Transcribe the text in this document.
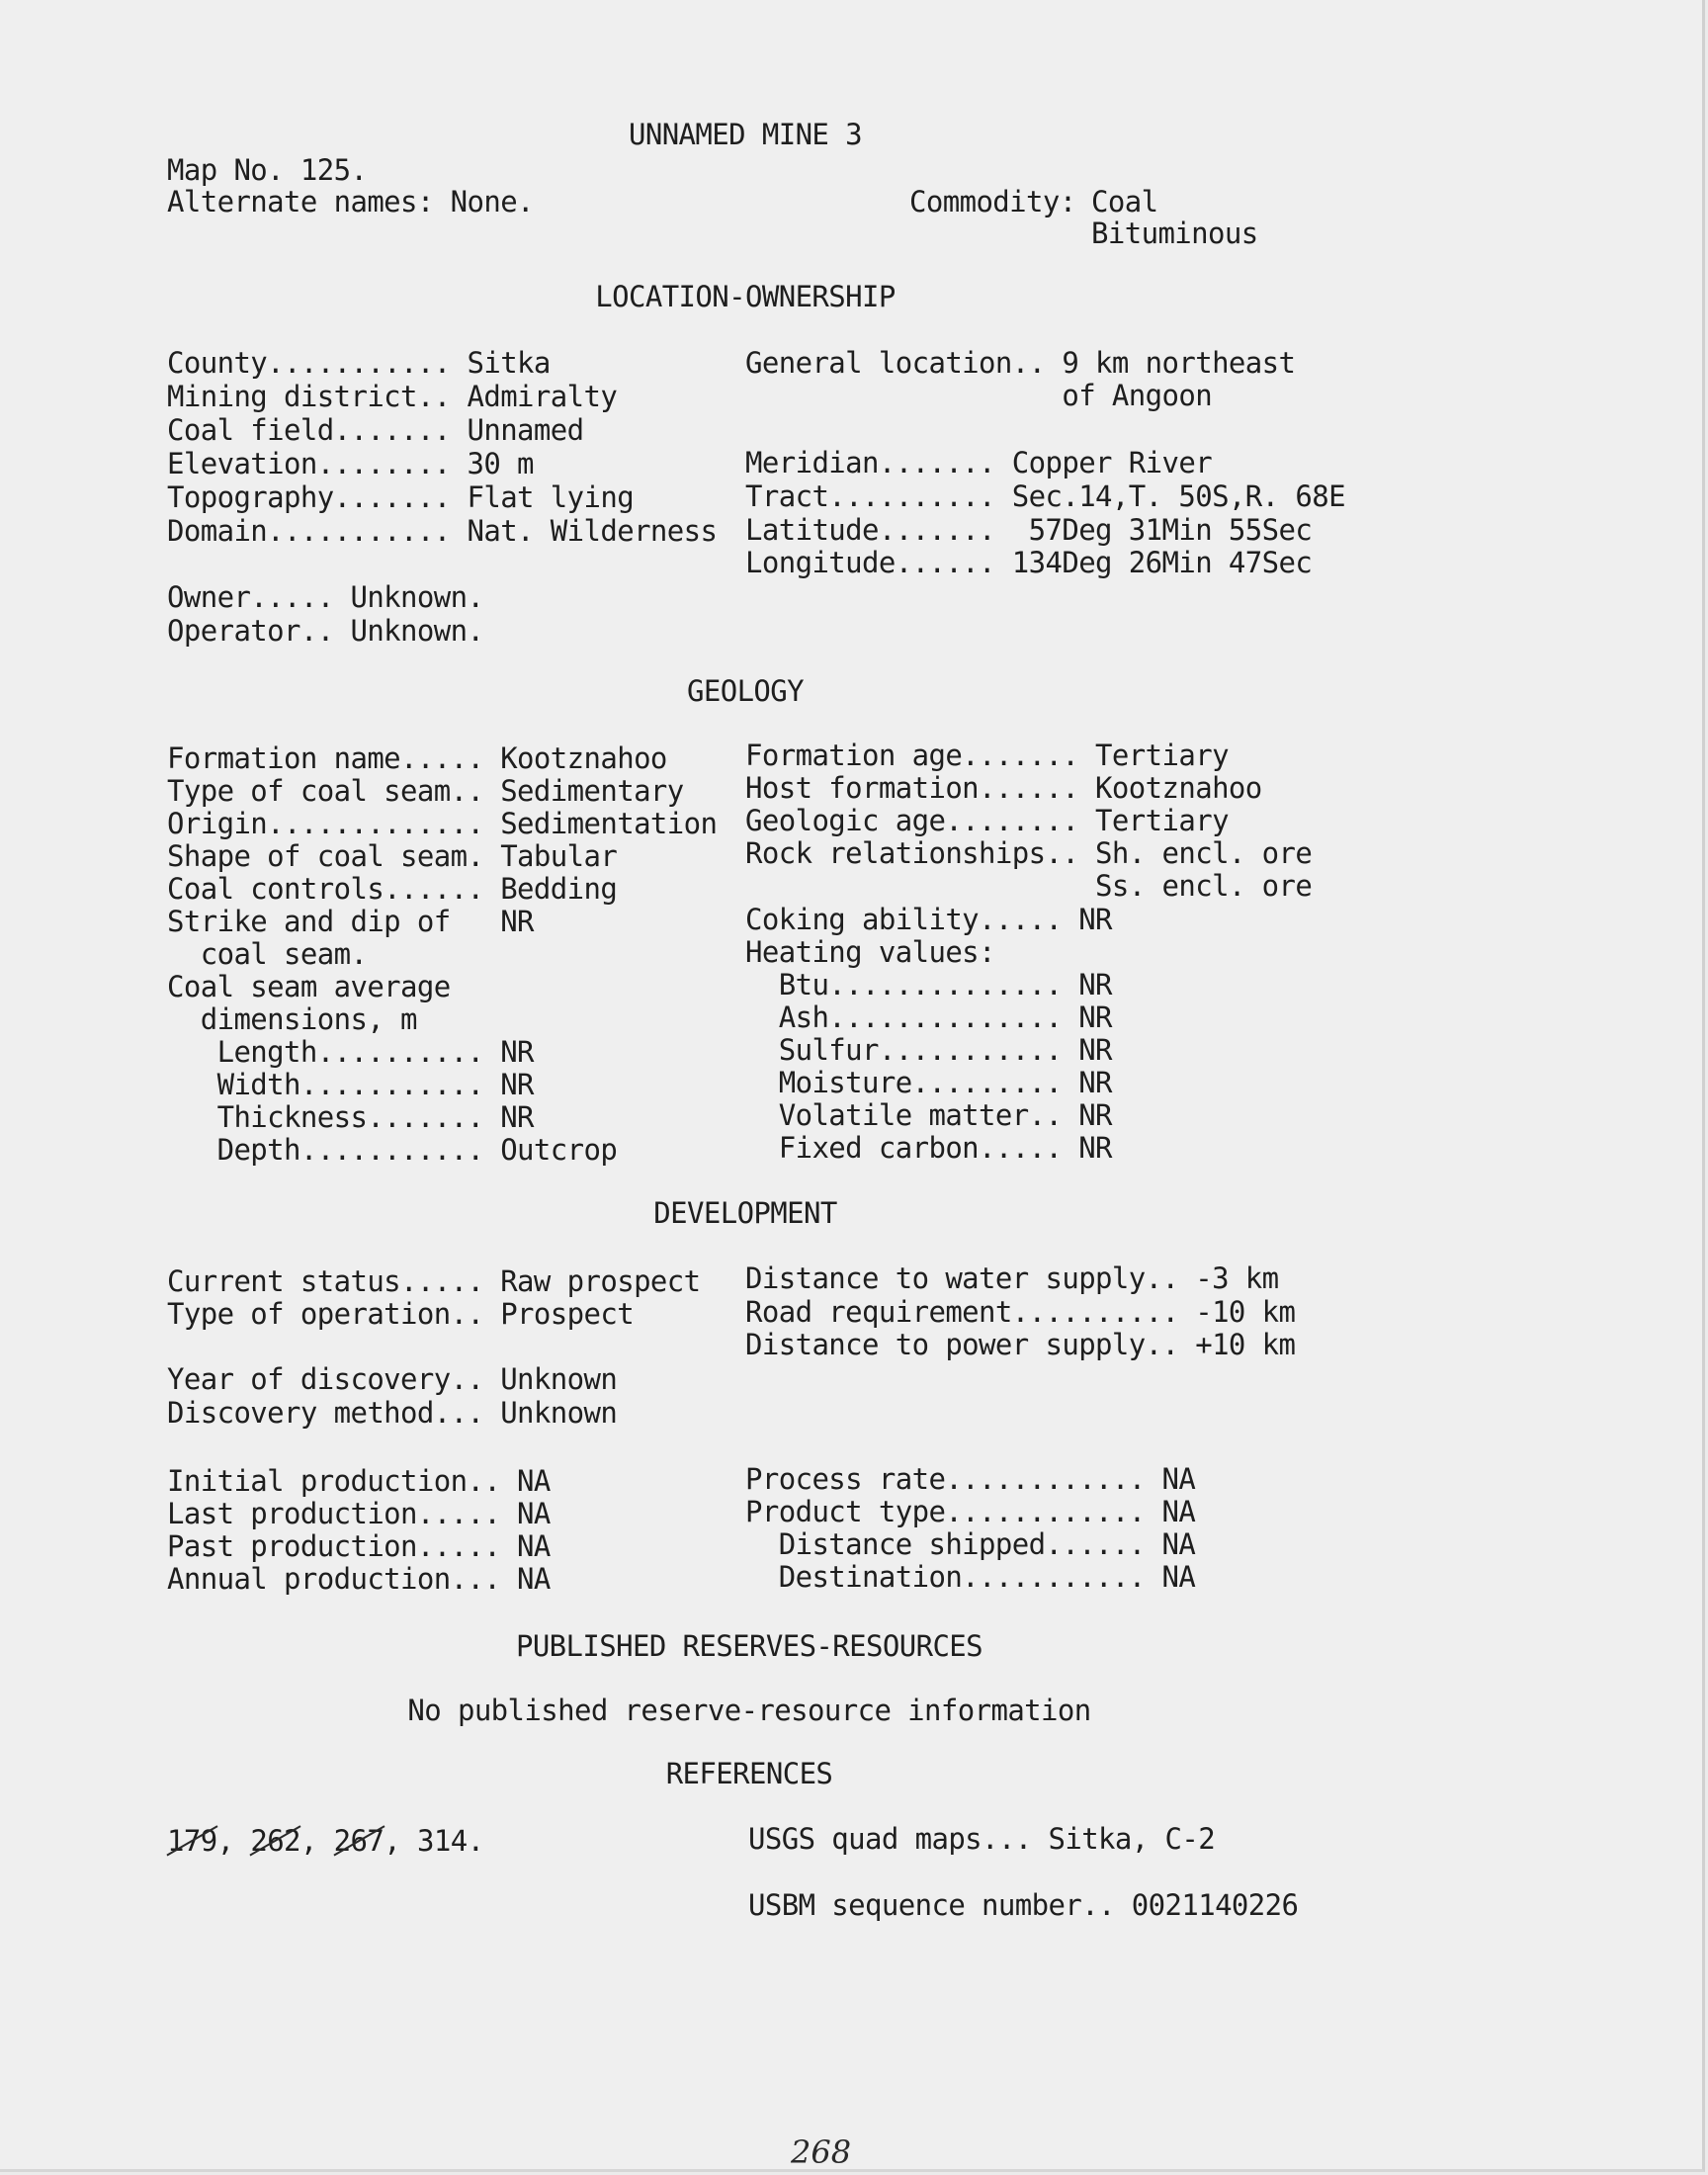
UNNAMED MINE 3
Map No. 125.
Alternate names: None.	Commodity: Coal
Bituminous
LOCATION-OWNERSHIP
County........... Sitka
Mining district.. Admiralty
Coal field....... Unnamed
Elevation........ 30 m
Topography....... Flat lying
Domain........... Nat. Wilderness
General location.. 9 km northeast
of Angoon
Meridian....... Copper River
Tract.......... Sec.14,T. 50S,R. 68E
Latitude.......  57Deg 31Min 55Sec
Longitude...... 134Deg 26Min 47Sec
Owner..... Unknown.
Operator.. Unknown.
GEOLOGY
Formation name..... Kootznahoo
Type of coal seam.. Sedimentary
Origin............. Sedimentation
Shape of coal seam. Tabular
Coal controls...... Bedding
Strike and dip of   NR
coal seam.
Coal seam average
dimensions, m
Length.......... NR
Width........... NR
Thickness....... NR
Depth........... Outcrop
Formation age....... Tertiary
Host formation...... Kootznahoo
Geologic age........ Tertiary
Rock relationships.. Sh. encl. ore
Ss. encl. ore
Coking ability..... NR
Heating values:
Btu.............. NR
Ash.............. NR
Sulfur........... NR
Moisture......... NR
Volatile matter.. NR
Fixed carbon..... NR
DEVELOPMENT
Current status..... Raw prospect
Type of operation.. Prospect
Year of discovery.. Unknown
Discovery method... Unknown
Distance to water supply.. -3 km
Road requirement.......... -10 km
Distance to power supply.. +10 km
Initial production.. NA
Last production..... NA
Past production..... NA
Annual production... NA
Process rate............ NA
Product type............ NA
Distance shipped...... NA
Destination........... NA
PUBLISHED RESERVES-RESOURCES
No published reserve-resource information
REFERENCES
179
, 262
, 267
, 314.	USGS quad maps... Sitka, C-2
USBM sequence number.. 0021140226
268
